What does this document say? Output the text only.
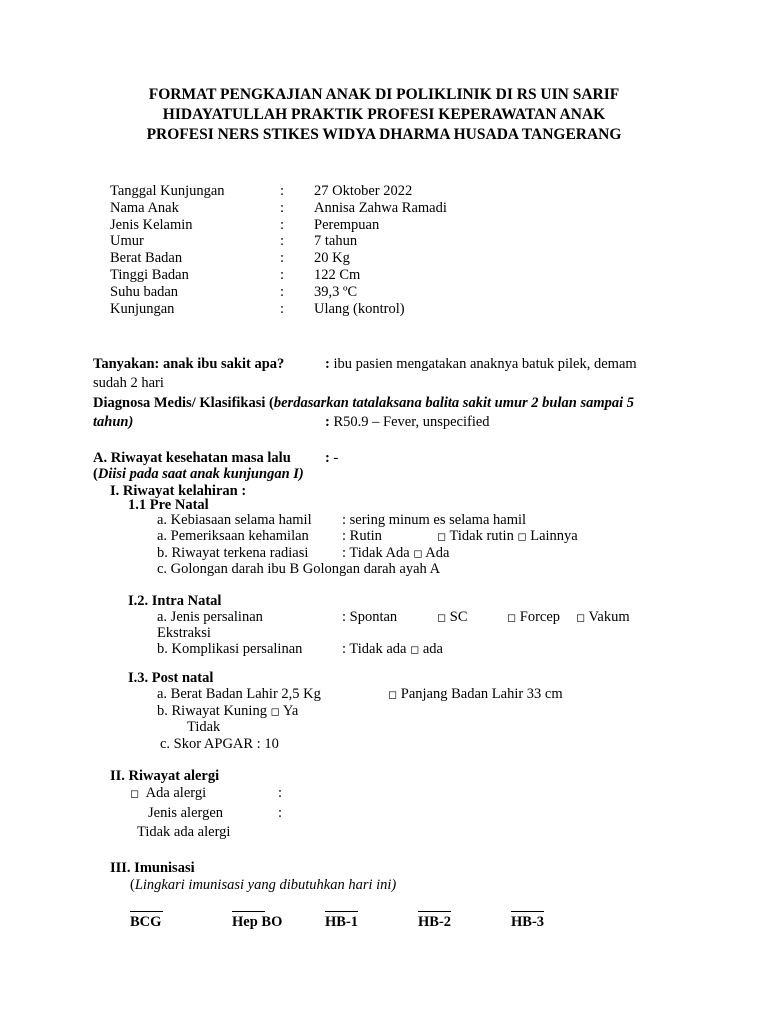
FORMAT PENGKAJIAN ANAK DI POLIKLINIK DI RS UIN SARIF
HIDAYATULLAH PRAKTIK PROFESI KEPERAWATAN ANAK
PROFESI NERS STIKES WIDYA DHARMA HUSADA TANGERANG
Tanggal Kunjungan	: 27 Oktober 2022
Nama Anak	: Annisa Zahwa Ramadi
Jenis Kelamin	: Perempuan
Umur	: 7 tahun
Berat Badan	: 20 Kg
Tinggi Badan	: 122 Cm
Suhu badan	: 39,3 ºC
Kunjungan	: Ulang (kontrol)
Tanyakan: anak ibu sakit apa?	: ibu pasien mengatakan anaknya batuk pilek, demam
sudah 2 hari
Diagnosa Medis/ Klasifikasi (berdasarkan tatalaksana balita sakit umur 2 bulan sampai 5
tahun)	: R50.9 – Fever, unspecified
A. Riwayat kesehatan masa lalu : -
(Diisi pada saat anak kunjungan I)
I. Riwayat kelahiran :
1.1 Pre Natal
a. Kebiasaan selama hamil : sering minum es selama hamil
a. Pemeriksaan kehamilan : Rutin	◻ Tidak rutin ◻ Lainnya
b. Riwayat terkena radiasi : Tidak Ada ◻ Ada
c. Golongan darah ibu B Golongan darah ayah A
I.2. Intra Natal
a. Jenis persalinan	: Spontan	◻ SC	◻ Forcep ◻ Vakum
Ekstraksi
b. Komplikasi persalinan	: Tidak ada ◻ ada
I.3. Post natal
a. Berat Badan Lahir 2,5 Kg	◻ Panjang Badan Lahir 33 cm
b. Riwayat Kuning ◻ Ya
Tidak
c. Skor APGAR : 10
II. Riwayat alergi
◻ Ada alergi	:
Jenis alergen	:
Tidak ada alergi
III. Imunisasi
(Lingkari imunisasi yang dibutuhkan hari ini)
BCG	Hep BO	HB-1	HB-2	HB-3
